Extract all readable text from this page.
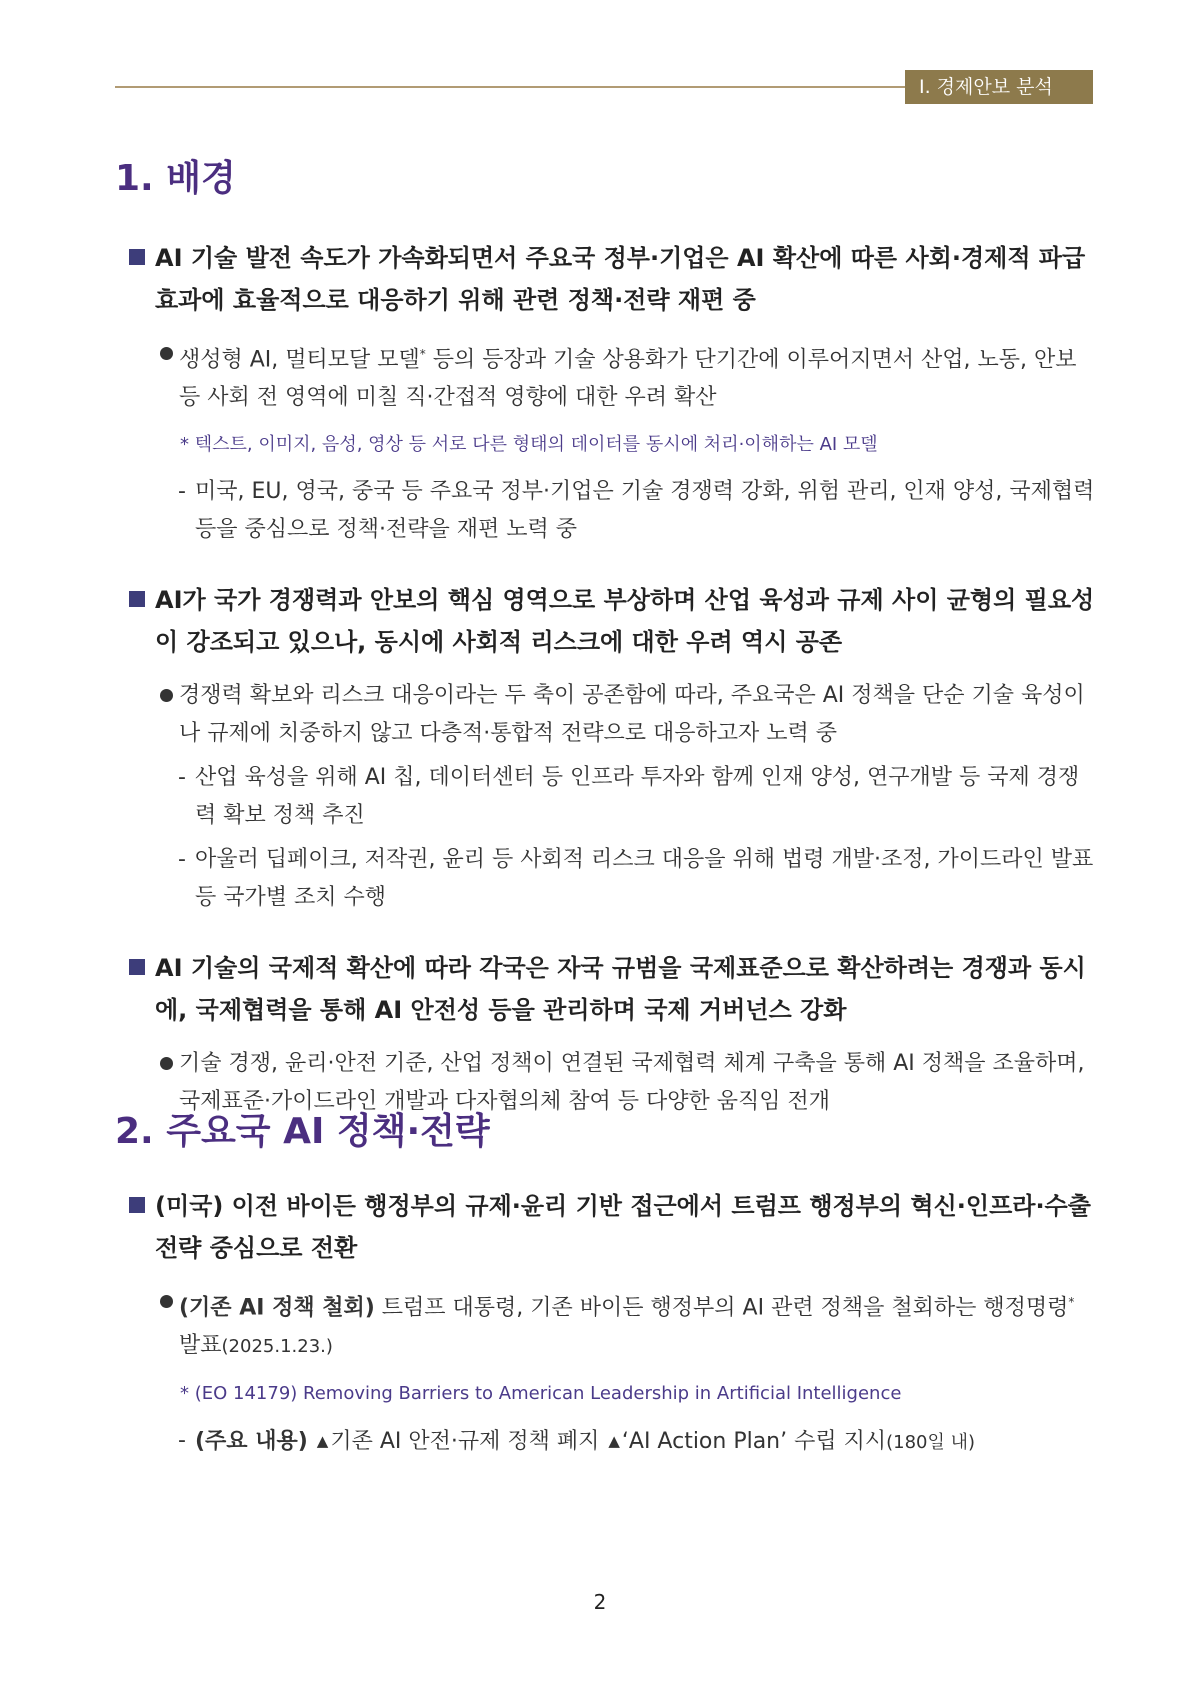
Ⅰ. 경제안보 분석
1. 배경
AI 기술 발전 속도가 가속화되면서 주요국 정부·기업은 AI 확산에 따른 사회·경제적 파급 효과에 효율적으로 대응하기 위해 관련 정책·전략 재편 중
생성형 AI, 멀티모달 모델* 등의 등장과 기술 상용화가 단기간에 이루어지면서 산업, 노동, 안보 등 사회 전 영역에 미칠 직·간접적 영향에 대한 우려 확산
* 텍스트, 이미지, 음성, 영상 등 서로 다른 형태의 데이터를 동시에 처리·이해하는 AI 모델
- 미국, EU, 영국, 중국 등 주요국 정부·기업은 기술 경쟁력 강화, 위험 관리, 인재 양성, 국제협력 등을 중심으로 정책·전략을 재편 노력 중
AI가 국가 경쟁력과 안보의 핵심 영역으로 부상하며 산업 육성과 규제 사이 균형의 필요성이 강조되고 있으나, 동시에 사회적 리스크에 대한 우려 역시 공존
경쟁력 확보와 리스크 대응이라는 두 축이 공존함에 따라, 주요국은 AI 정책을 단순 기술 육성이나 규제에 치중하지 않고 다층적·통합적 전략으로 대응하고자 노력 중
- 산업 육성을 위해 AI 칩, 데이터센터 등 인프라 투자와 함께 인재 양성, 연구개발 등 국제 경쟁력 확보 정책 추진
- 아울러 딥페이크, 저작권, 윤리 등 사회적 리스크 대응을 위해 법령 개발·조정, 가이드라인 발표 등 국가별 조치 수행
AI 기술의 국제적 확산에 따라 각국은 자국 규범을 국제표준으로 확산하려는 경쟁과 동시에, 국제협력을 통해 AI 안전성 등을 관리하며 국제 거버넌스 강화
기술 경쟁, 윤리·안전 기준, 산업 정책이 연결된 국제협력 체계 구축을 통해 AI 정책을 조율하며, 국제표준·가이드라인 개발과 다자협의체 참여 등 다양한 움직임 전개
2. 주요국 AI 정책·전략
(미국) 이전 바이든 행정부의 규제·윤리 기반 접근에서 트럼프 행정부의 혁신·인프라·수출 전략 중심으로 전환
(기존 AI 정책 철회) 트럼프 대통령, 기존 바이든 행정부의 AI 관련 정책을 철회하는 행정명령* 발표(2025.1.23.)
* (EO 14179) Removing Barriers to American Leadership in Artificial Intelligence
- (주요 내용) ▲기존 AI 안전·규제 정책 폐지 ▲‘AI Action Plan’ 수립 지시(180일 내)
2
